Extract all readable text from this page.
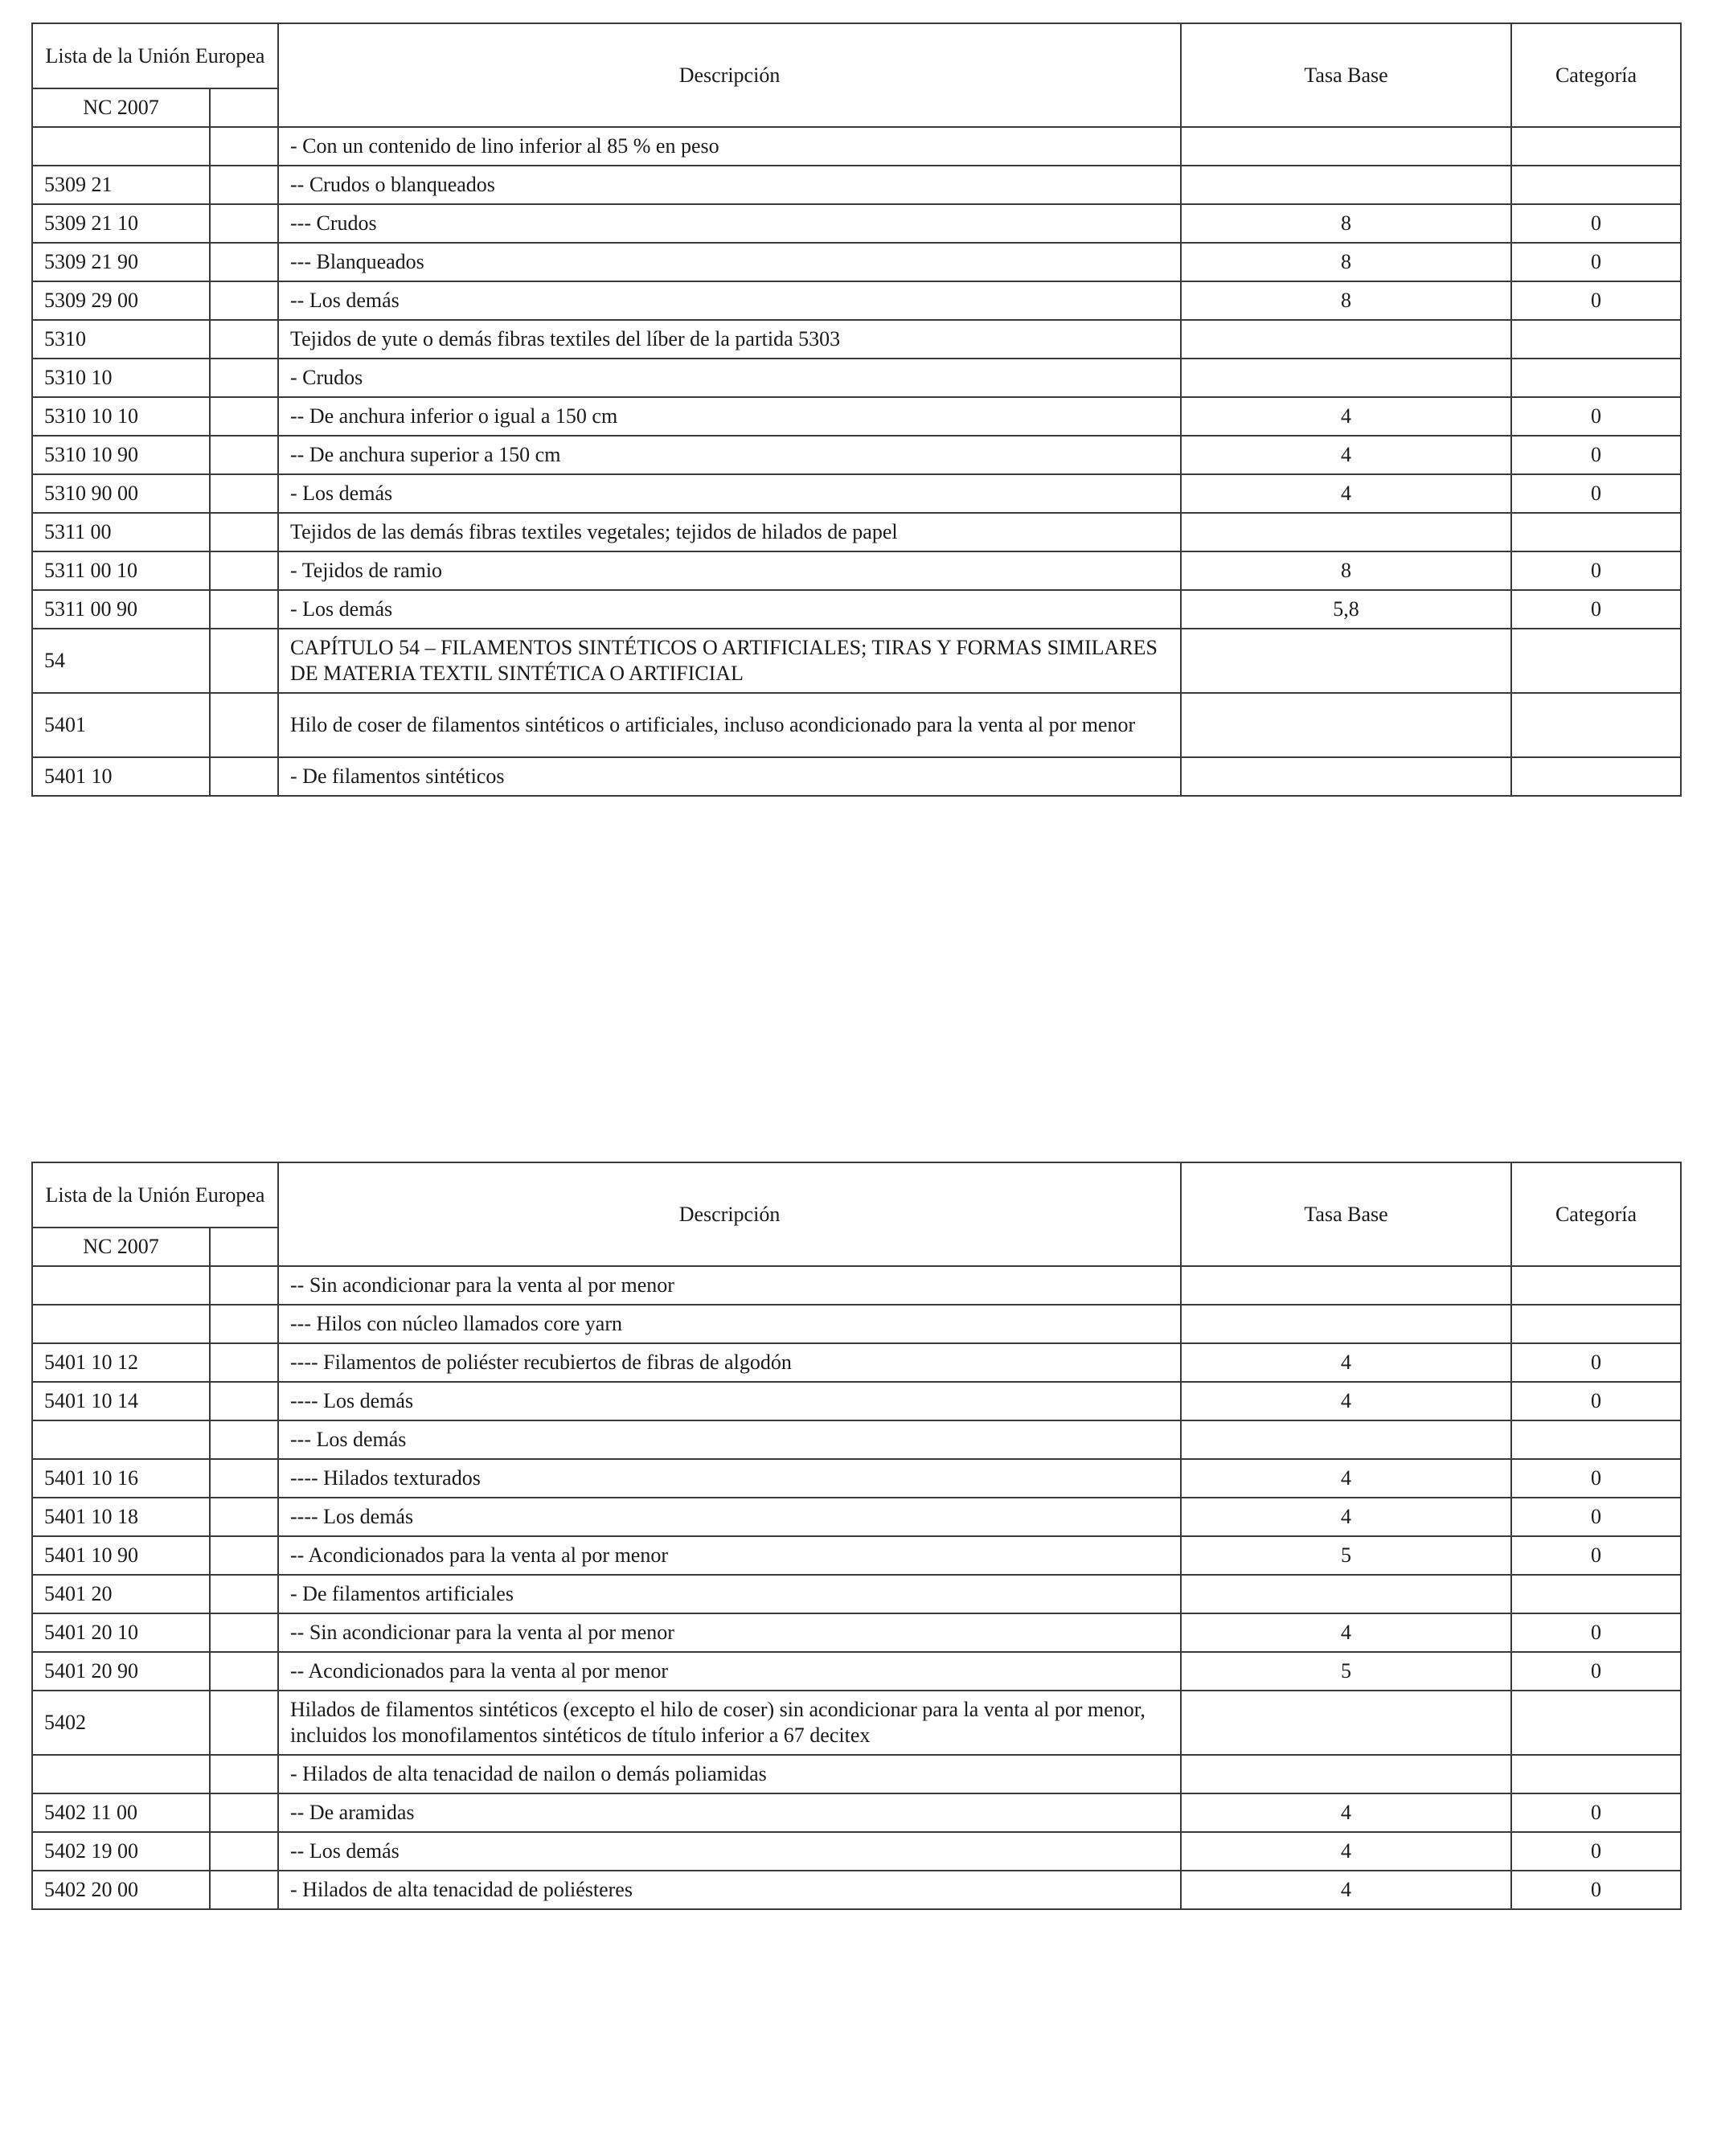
Lista de la Unión Europea		Descripción	Tasa Base	Categoría
NC 2007				
		- Con un contenido de lino inferior al 85 % en peso		
5309 21		-- Crudos o blanqueados		
5309 21 10		--- Crudos	8	0
5309 21 90		--- Blanqueados	8	0
5309 29 00		-- Los demás	8	0
5310		Tejidos de yute o demás fibras textiles del líber de la partida 5303		
5310 10		- Crudos		
5310 10 10		-- De anchura inferior o igual a 150 cm	4	0
5310 10 90		-- De anchura superior a 150 cm	4	0
5310 90 00		- Los demás	4	0
5311 00		Tejidos de las demás fibras textiles vegetales; tejidos de hilados de papel		
5311 00 10		- Tejidos de ramio	8	0
5311 00 90		- Los demás	5,8	0
54		CAPÍTULO 54 – FILAMENTOS SINTÉTICOS O ARTIFICIALES; TIRAS Y FORMAS SIMILARES DE MATERIA TEXTIL SINTÉTICA O ARTIFICIAL		
5401		Hilo de coser de filamentos sintéticos o artificiales, incluso acondicionado para la venta al por menor		
5401 10		- De filamentos sintéticos		
Lista de la Unión Europea		Descripción	Tasa Base	Categoría
NC 2007				
		-- Sin acondicionar para la venta al por menor		
		--- Hilos con núcleo llamados core yarn		
5401 10 12		---- Filamentos de poliéster recubiertos de fibras de algodón	4	0
5401 10 14		---- Los demás	4	0
		--- Los demás		
5401 10 16		---- Hilados texturados	4	0
5401 10 18		---- Los demás	4	0
5401 10 90		-- Acondicionados para la venta al por menor	5	0
5401 20		- De filamentos artificiales		
5401 20 10		-- Sin acondicionar para la venta al por menor	4	0
5401 20 90		-- Acondicionados para la venta al por menor	5	0
5402		Hilados de filamentos sintéticos (excepto el hilo de coser) sin acondicionar para la venta al por menor, incluidos los monofilamentos sintéticos de título inferior a 67 decitex		
		- Hilados de alta tenacidad de nailon o demás poliamidas		
5402 11 00		-- De aramidas	4	0
5402 19 00		-- Los demás	4	0
5402 20 00		- Hilados de alta tenacidad de poliésteres	4	0
